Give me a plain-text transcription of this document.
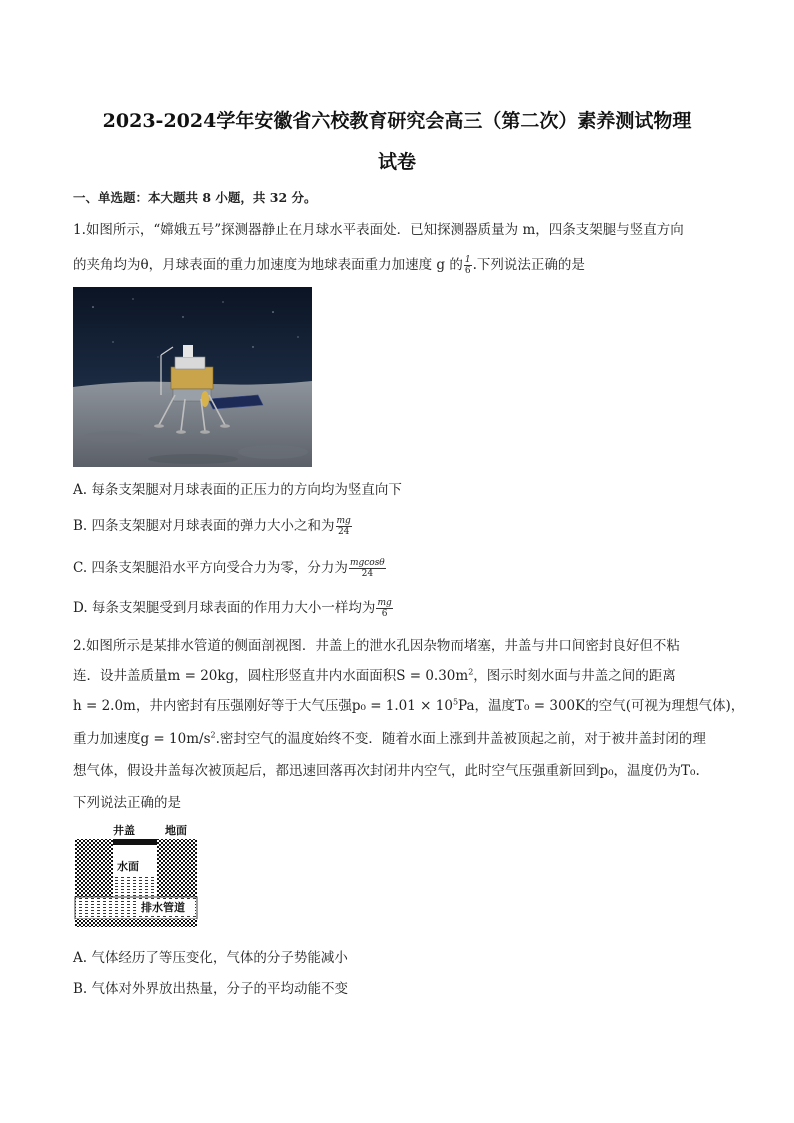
2023-2024学年安徽省六校教育研究会高三（第二次）素养测试物理
试卷
一、单选题：本大题共 8 小题，共 32 分。
1.如图所示，“嫦娥五号”探测器静止在月球水平表面处．已知探测器质量为 m，四条支架腿与竖直方向
的夹角均为θ，月球表面的重力加速度为地球表面重力加速度 g 的 $\frac{1}{6}$ .下列说法正确的是
A. 每条支架腿对月球表面的正压力的方向均为竖直向下
B. 四条支架腿对月球表面的弹力大小之和为 $\frac{mg}{24}$
C. 四条支架腿沿水平方向受合力为零，分力为 $\frac{mgcos\theta}{24}$
D. 每条支架腿受到月球表面的作用力大小一样均为 $\frac{mg}{6}$
2.如图所示是某排水管道的侧面剖视图．井盖上的泄水孔因杂物而堵塞，井盖与井口间密封良好但不粘
连．设井盖质量m = 20kg，圆柱形竖直井内水面面积$S = 0.30m^2$，图示时刻水面与井盖之间的距离
h = 2.0m，井内密封有压强刚好等于大气压强$p_0 = 1.01 \times 10^5Pa$，温度T₀ = 300K的空气(可视为理想气体)，
重力加速度$g = 10m/s^2$.密封空气的温度始终不变．随着水面上涨到井盖被顶起之前，对于被井盖封闭的理
想气体，假设井盖每次被顶起后，都迅速回落再次封闭井内空气，此时空气压强重新回到p₀，温度仍为T₀.
下列说法正确的是
井盖	地面
水面
排水管道
A. 气体经历了等压变化，气体的分子势能减小
B. 气体对外界放出热量，分子的平均动能不变
